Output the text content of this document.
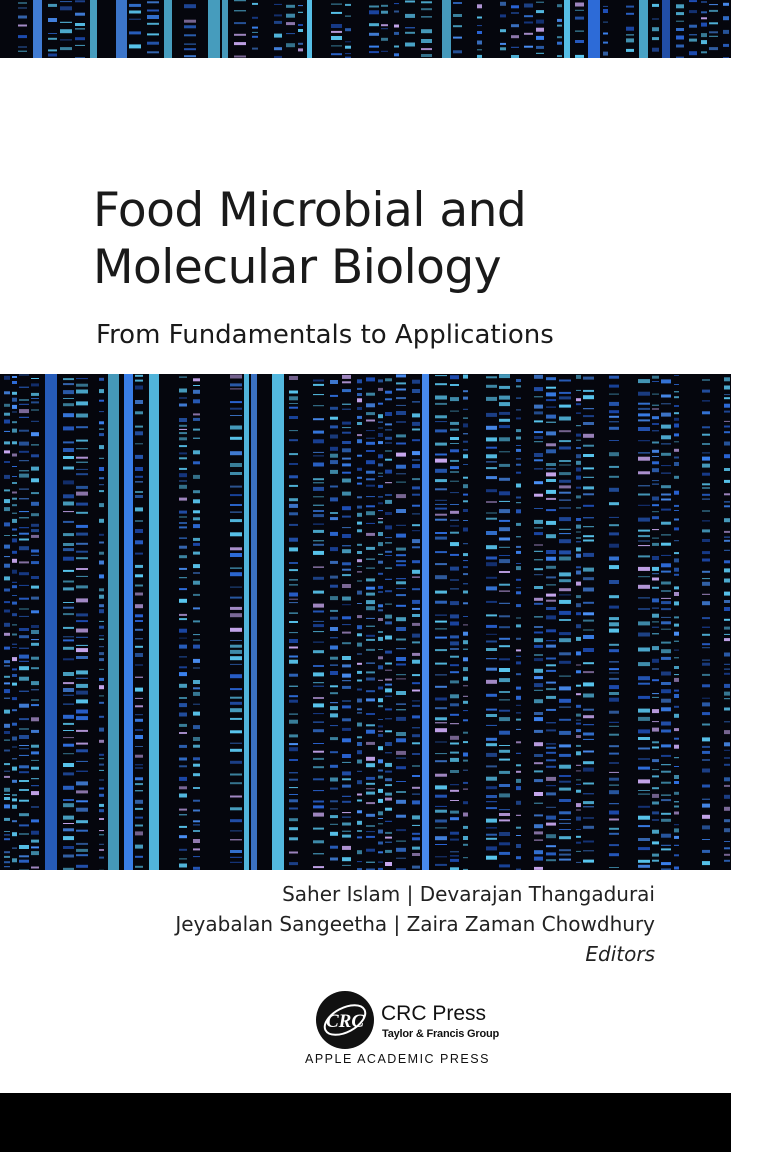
Food Microbial and
Molecular Biology
From Fundamentals to Applications
Saher Islam | Devarajan Thangadurai
Jeyabalan Sangeetha | Zaira Zaman Chowdhury
Editors
CRC CRC Press
Taylor & Francis Group
APPLE ACADEMIC PRESS
